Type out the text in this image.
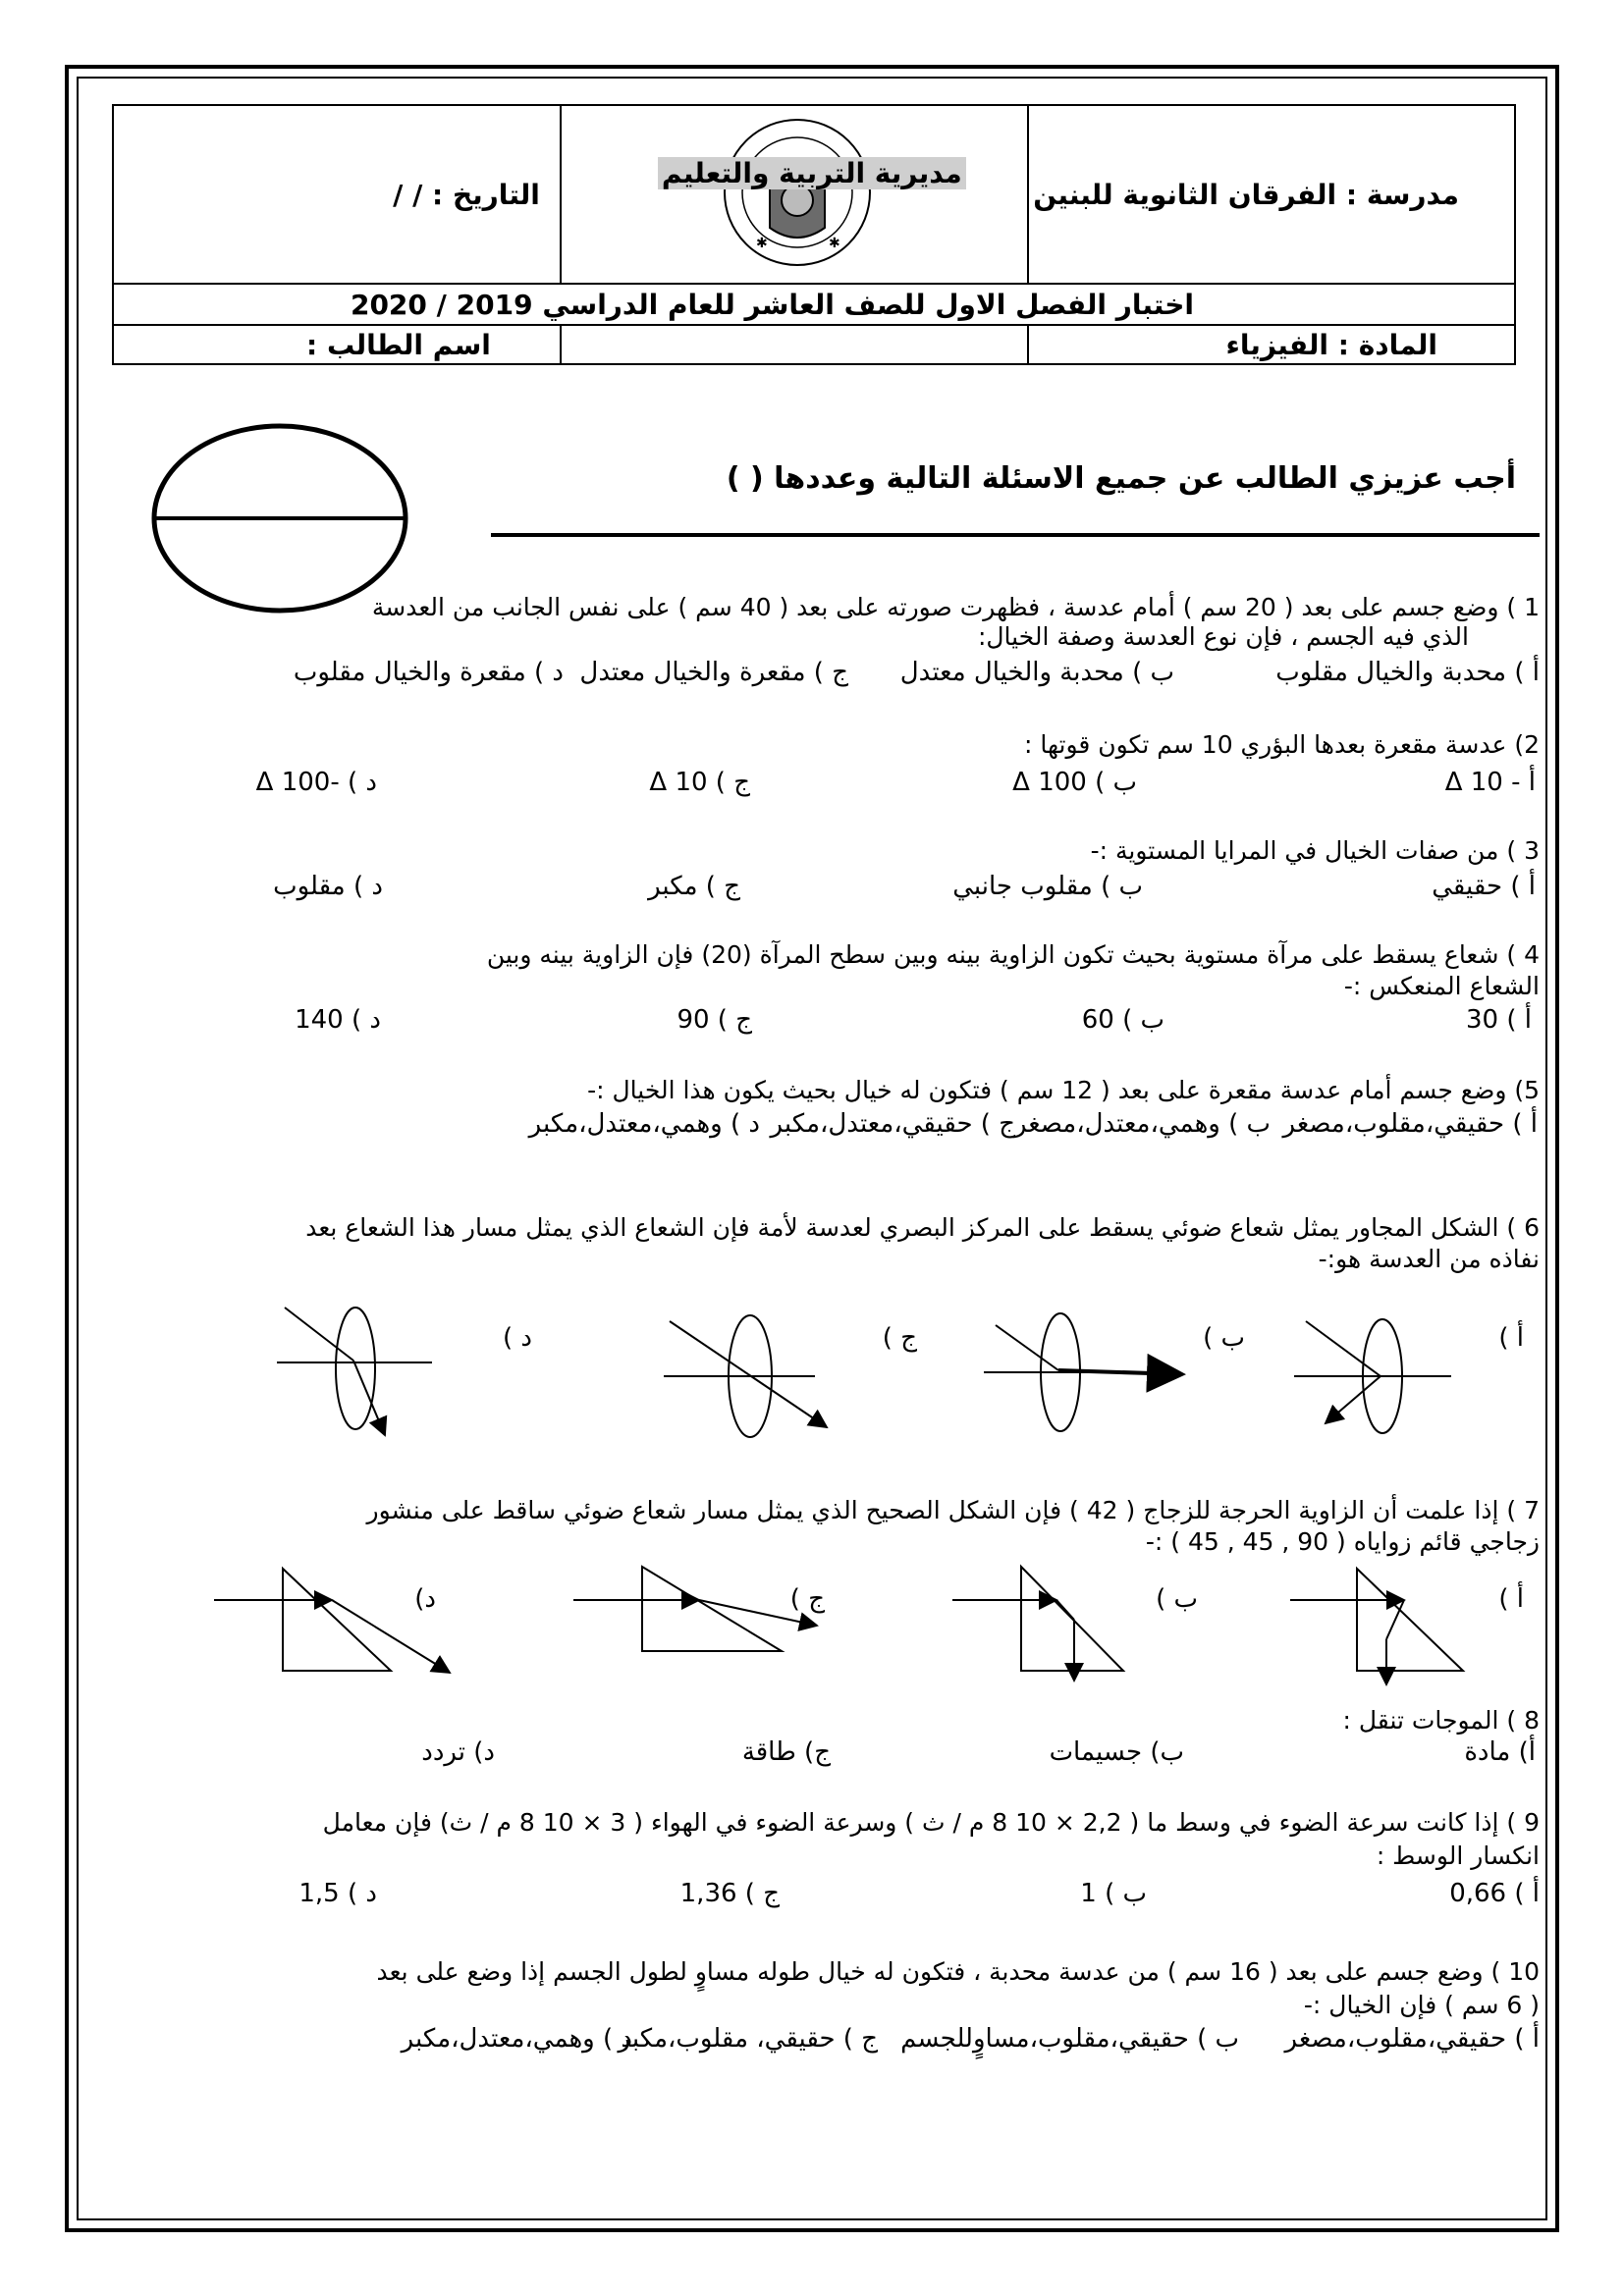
التاريخ : / /	✱ ✱
مديرية التربية والتعليم	مدرسة : الفرقان الثانوية للبنين

اختبار الفصل الاول للصف العاشر للعام الدراسي 2019 / 2020		

اسم الطالب :		المادة : الفيزياء
أجب عزيزي الطالب عن جميع الاسئلة التالية وعددها ( )
1 ) وضع جسم على بعد ( 20 سم ) أمام عدسة ، فظهرت صورته على بعد ( 40 سم ) على نفس الجانب من العدسة
الذي فيه الجسم ، فإن نوع العدسة وصفة الخيال:
أ ) محدبة والخيال مقلوب
ب ) محدبة والخيال معتدل
ج ) مقعرة والخيال معتدل
د ) مقعرة والخيال مقلوب
2) عدسة مقعرة بعدها البؤري 10 سم تكون قوتها :
أ - 10 Δ
ب ) 100 Δ
ج ) 10 Δ
د ) -100 Δ
3 ) من صفات الخيال في المرايا المستوية :-
أ ) حقيقي
ب ) مقلوب جانبي
ج ) مكبر
د ) مقلوب
4 ) شعاع يسقط على مرآة مستوية بحيث تكون الزاوية بينه وبين سطح المرآة (20) فإن الزاوية بينه وبين
الشعاع المنعكس :-
أ ) 30
ب ) 60
ج ) 90
د ) 140
5) وضع جسم أمام عدسة مقعرة على بعد ( 12 سم ) فتكون له خيال بحيث يكون هذا الخيال :-
أ ) حقيقي،مقلوب،مصغر
ب ) وهمي،معتدل،مصغر
ج ) حقيقي،معتدل،مكبر
د ) وهمي،معتدل،مكبر
6 ) الشكل المجاور يمثل شعاع ضوئي يسقط على المركز البصري لعدسة لأمة فإن الشعاع الذي يمثل مسار هذا الشعاع بعد
نفاذه من العدسة هو:-
أ )
ب )
ج )
د )
7 ) إذا علمت أن الزاوية الحرجة للزجاج ( 42 ) فإن الشكل الصحيح الذي يمثل مسار شعاع ضوئي ساقط على منشور
زجاجي قائم زواياه ( 90 , 45 , 45 ) :-
أ )
ب )
ج )
د)
8 ) الموجات تنقل :
أ) مادة
ب) جسيمات
ج) طاقة
د) تردد
9 ) إذا كانت سرعة الضوء في وسط ما ( 2,2 × 10 8 م / ث ) وسرعة الضوء في الهواء ( 3 × 10 8 م / ث) فإن معامل
انكسار الوسط :
أ ) 0,66
ب ) 1
ج ) 1,36
د ) 1,5
10 ) وضع جسم على بعد ( 16 سم ) من عدسة محدبة ، فتكون له خيال طوله مساوٍ لطول الجسم إذا وضع على بعد
( 6 سم ) فإن الخيال :-
أ ) حقيقي،مقلوب،مصغر
ب ) حقيقي،مقلوب،مساوٍللجسم
ج ) حقيقي، مقلوب،مكبر
د ) وهمي،معتدل،مكبر
